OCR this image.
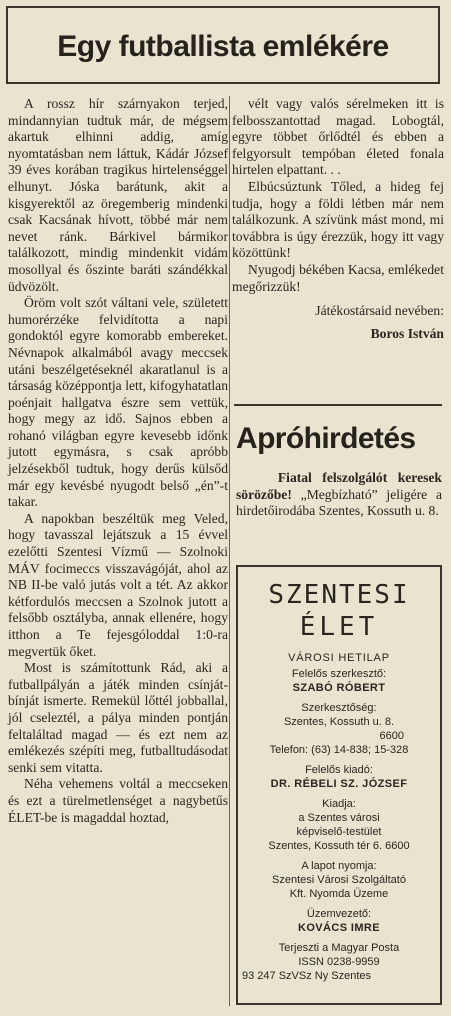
Egy futballista emlékére

A rossz hír szárnyakon terjed, mindannyian tudtuk már, de mégsem akartuk elhinni addig, amíg nyomtatásban nem láttuk, Kádár József 39 éves korában tragikus hirtelenséggel elhunyt. Jóska barátunk, akit a kisgyerektől az öregemberig mindenki csak Kacsának hívott, többé már nem nevet ránk. Bárkivel bármikor találkozott, mindig mindenkit vidám mosollyal és őszinte baráti szándékkal üdvözölt.

Öröm volt szót váltani vele, született humorérzéke felvidította a napi gondoktól egyre komorabb embereket. Névnapok alkalmából avagy meccsek utáni beszélgetéseknél akaratlanul is a társaság középpontja lett, kifogyhatatlan poénjait hallgatva észre sem vettük, hogy megy az idő. Sajnos ebben a rohanó világban egyre kevesebb időnk jutott egymásra, s csak apróbb jelzésekből tudtuk, hogy derűs külsőd már egy kevésbé nyugodt belső „én”-t takar.

A napokban beszéltük meg Veled, hogy tavasszal lejátszuk a 15 évvel ezelőtti Szentesi Vízmű — Szolnoki MÁV focimeccs visszavágóját, ahol az NB II-be való jutás volt a tét. Az akkor kétfordulós meccsen a Szolnok jutott a felsőbb osztályba, annak ellenére, hogy itthon a Te fejesgóloddal 1:0-ra megvertük őket.

Most is számítottunk Rád, aki a futballpályán a játék minden csínját-bínját ismerte. Remekül lőttél jobballal, jól cseleztél, a pálya minden pontján feltaláltad magad — és ezt nem az emlékezés szépíti meg, futballtudásodat senki sem vitatta.

Néha vehemens voltál a meccseken és ezt a türelmetlenséget a nagybetűs ÉLET-be is magaddal hoztad,

vélt vagy valós sérelmeken itt is felbosszantottad magad. Lobogtál, egyre többet őrlődtél és ebben a felgyorsult tempóban életed fonala hirtelen elpattant. . .

Elbúcsúztunk Tőled, a hideg fej tudja, hogy a földi létben már nem találkozunk. A szívünk mást mond, mi továbbra is úgy érezzük, hogy itt vagy közöttünk!

Nyugodj békében Kacsa, emlékedet megőrizzük!

Játékostársaid nevében:

Boros István

Apróhirdetés
Fiatal felszolgálót keresek sörözőbe! „Megbízható” jeligére a hirdetőirodába Szentes, Kossuth u. 8.
SZENTESI
ÉLET
VÁROSI HETILAP
Felelős szerkesztő:
SZABÓ RÓBERT
Szerkesztőség:
Szentes, Kossuth u. 8.
6600
Telefon: (63) 14-838; 15-328
Felelős kiadó:
DR. RÉBELI SZ. JÓZSEF
Kiadja:
a Szentes városi
képviselő-testület
Szentes, Kossuth tér 6. 6600
A lapot nyomja:
Szentesi Városi Szolgáltató
Kft. Nyomda Üzeme
Üzemvezető:
KOVÁCS IMRE
Terjeszti a Magyar Posta
ISSN 0238-9959
93 247 SzVSz Ny Szentes
